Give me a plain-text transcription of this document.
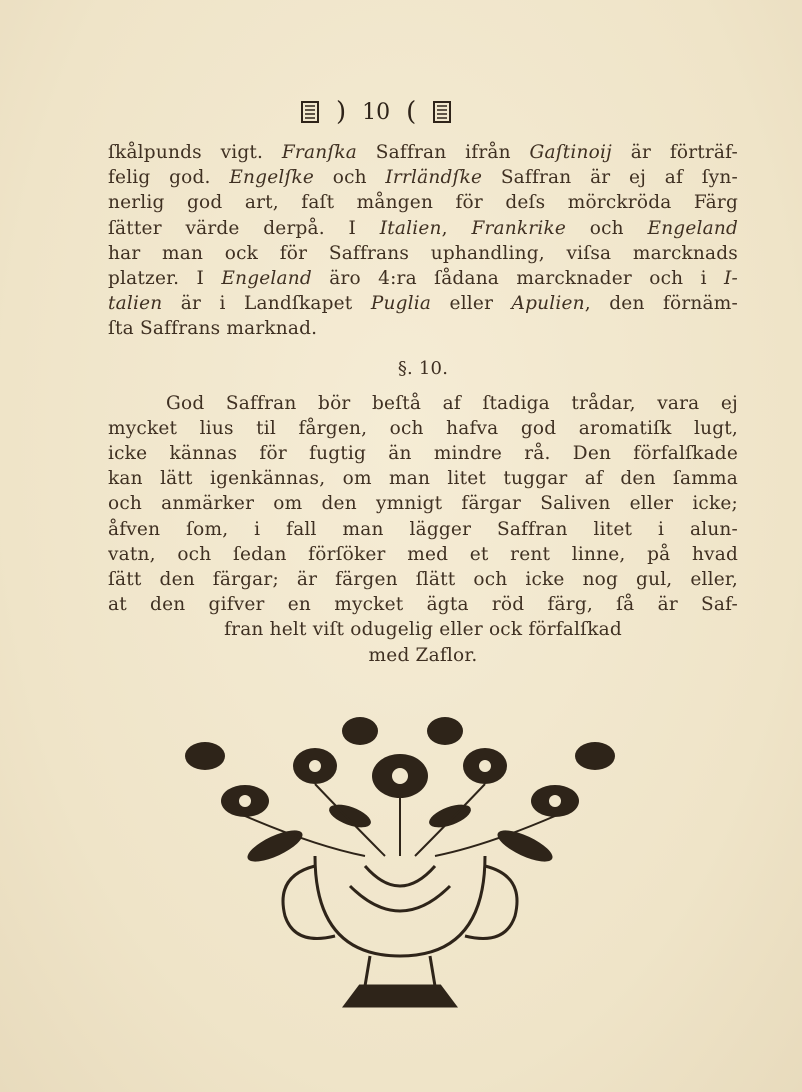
) 10 (
ſkålpunds vigt. Franſka Saffran ifrån Gaſtinoij är förträf-
felig god. Engelſke och Irrländſke Saffran är ej af ſyn-
nerlig god art, faſt mången för deſs mörckröda Färg
ſätter värde derpå. I Italien, Frankrike och Engeland
har man ock för Saffrans uphandling, viſsa marcknads
platzer. I Engeland äro 4:ra ſådana marcknader och i I-
talien är i Landſkapet Puglia eller Apulien, den förnäm-
ſta Saffrans marknad.
§. 10.
God Saffran bör beſtå af ſtadiga trådar, vara ej
mycket lius til fårgen, och hafva god aromatiſk lugt,
icke kännas för fugtig än mindre rå. Den förfalſkade
kan lätt igenkännas, om man litet tuggar af den ſamma
och anmärker om den ymnigt färgar Saliven eller icke;
åfven ſom, i fall man lägger Saffran litet i alun-
vatn, och ſedan förſöker med et rent linne, på hvad
ſätt den färgar; är färgen ſlätt och icke nog gul, eller,
at den gifver en mycket ägta röd färg, ſå är Saf-
fran helt viſt odugelig eller ock förfalſkad
med Zaflor.
